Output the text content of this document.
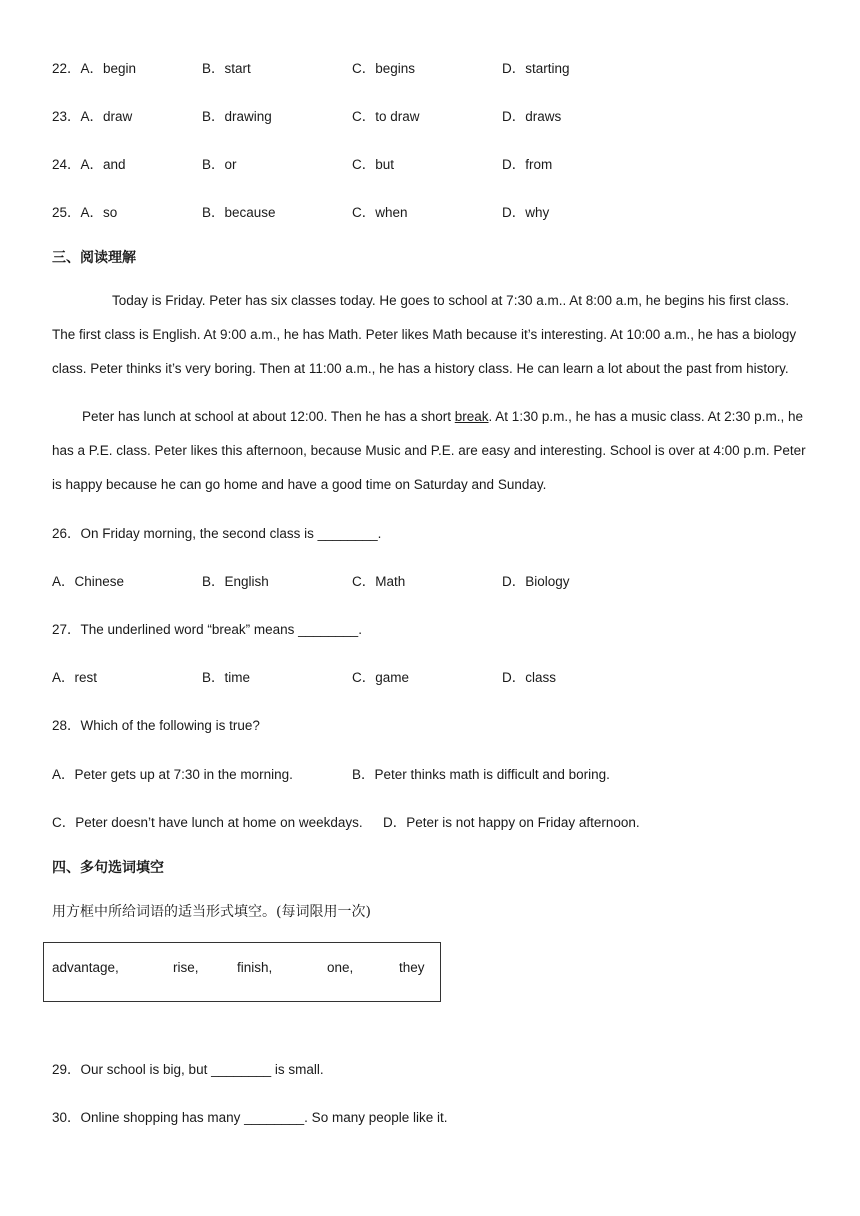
22．A．begin	B．start	C．begins	D．starting
23．A．draw	B．drawing	C．to draw	D．draws
24．A．and	B．or	C．but	D．from
25．A．so	B．because	C．when	D．why
三、阅读理解

Today is Friday. Peter has six classes today. He goes to school at 7:30 a.m.. At 8:00 a.m, he begins his first class. The first class is English. At 9:00 a.m., he has Math. Peter likes Math because it’s interesting. At 10:00 a.m., he has a biology class. Peter thinks it’s very boring. Then at 11:00 a.m., he has a history class. He can learn a lot about the past from history.

Peter has lunch at school at about 12:00. Then he has a short break. At 1:30 p.m., he has a music class. At 2:30 p.m., he has a P.E. class. Peter likes this afternoon, because Music and P.E. are easy and interesting. School is over at 4:00 p.m. Peter is happy because he can go home and have a good time on Saturday and Sunday.

26．On Friday morning, the second class is ________.
A．Chinese	B．English	C．Math	D．Biology
27．The underlined word “break” means ________.
A．rest	B．time	C．game	D．class
28．Which of the following is true?
A．Peter gets up at 7:30 in the morning.	B．Peter thinks math is difficult and boring.
C．Peter doesn’t have lunch at home on weekdays. D．Peter is not happy on Friday afternoon.
四、多句选词填空
用方框中所给词语的适当形式填空。(每词限用一次)
advantage,	rise,	finish,	one,	they
29．Our school is big, but ________ is small.
30．Online shopping has many ________. So many people like it.
